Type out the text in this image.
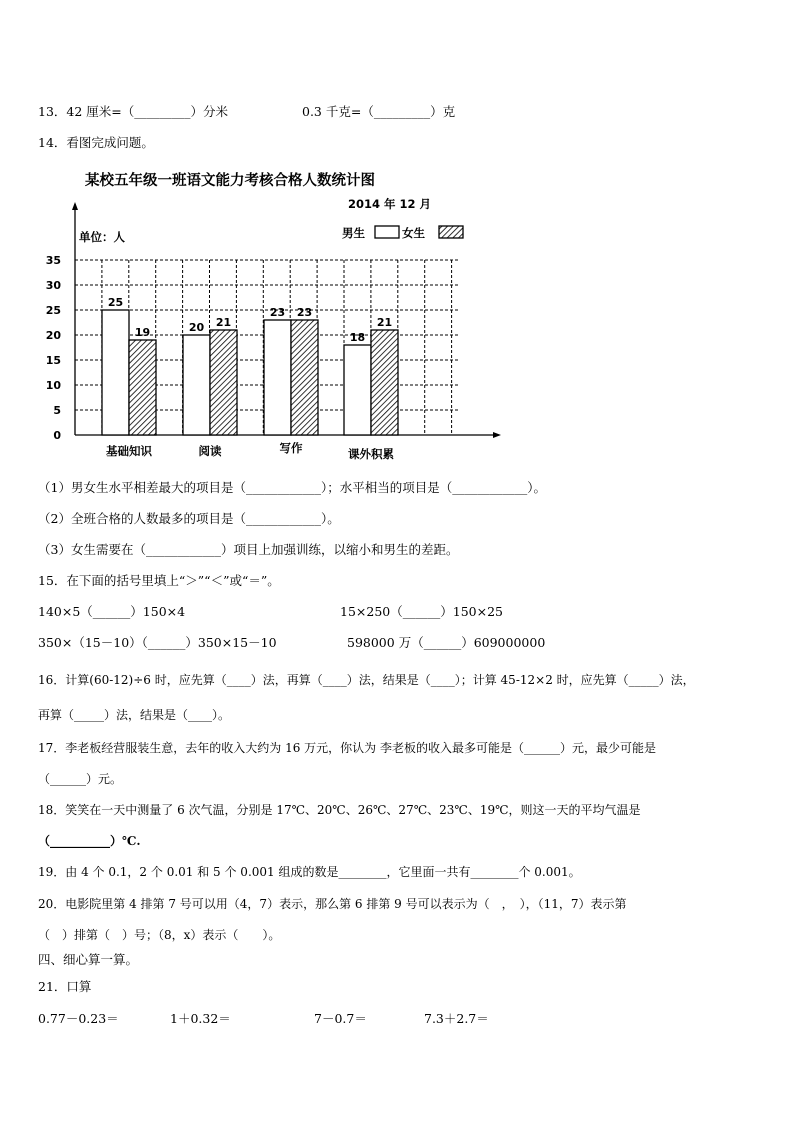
13．42 厘米=（_________）分米	0.3 千克=（_________）克
14．看图完成问题。
某校五年级一班语文能力考核合格人数统计图
2014 年 12 月
单位：人	男生	女生
0
5
10
15
20
25
30
35
25
19	20 21
23 23
18
21
基础知识	阅读	写作	课外积累
（1）男女生水平相差最大的项目是（____________）；水平相当的项目是（____________）。
（2）全班合格的人数最多的项目是（____________）。
（3）女生需要在（____________）项目上加强训练，以缩小和男生的差距。
15．在下面的括号里填上“＞”“＜”或“＝”。
140×5（______）150×4	15×250（______）150×25
350×（15－10）（______）350×15－10	598000 万（______）609000000
16．计算(60-12)÷6 时，应先算（____）法，再算（____）法，结果是（____）；计算 45-12×2 时，应先算（_____）法，
再算（_____）法，结果是（____）。
17．李老板经营服装生意，去年的收入大约为 16 万元，你认为 李老板的收入最多可能是（______）元，最少可能是
（______）元。
18．笑笑在一天中测量了 6 次气温，分别是 17℃、20℃、26℃、27℃、23℃、19℃，则这一天的平均气温是
（__________）℃.
19．由 4 个 0.1，2 个 0.01 和 5 个 0.001 组成的数是________，它里面一共有________个 0.001。
20．电影院里第 4 排第 7 号可以用（4，7）表示，那么第 6 排第 9 号可以表示为（　，　），（11，7）表示第
（　）排第（　）号；（8，x）表示（　　）。
四、细心算一算。
21．口算
0.77－0.23＝	1＋0.32＝	7－0.7＝	7.3＋2.7＝
